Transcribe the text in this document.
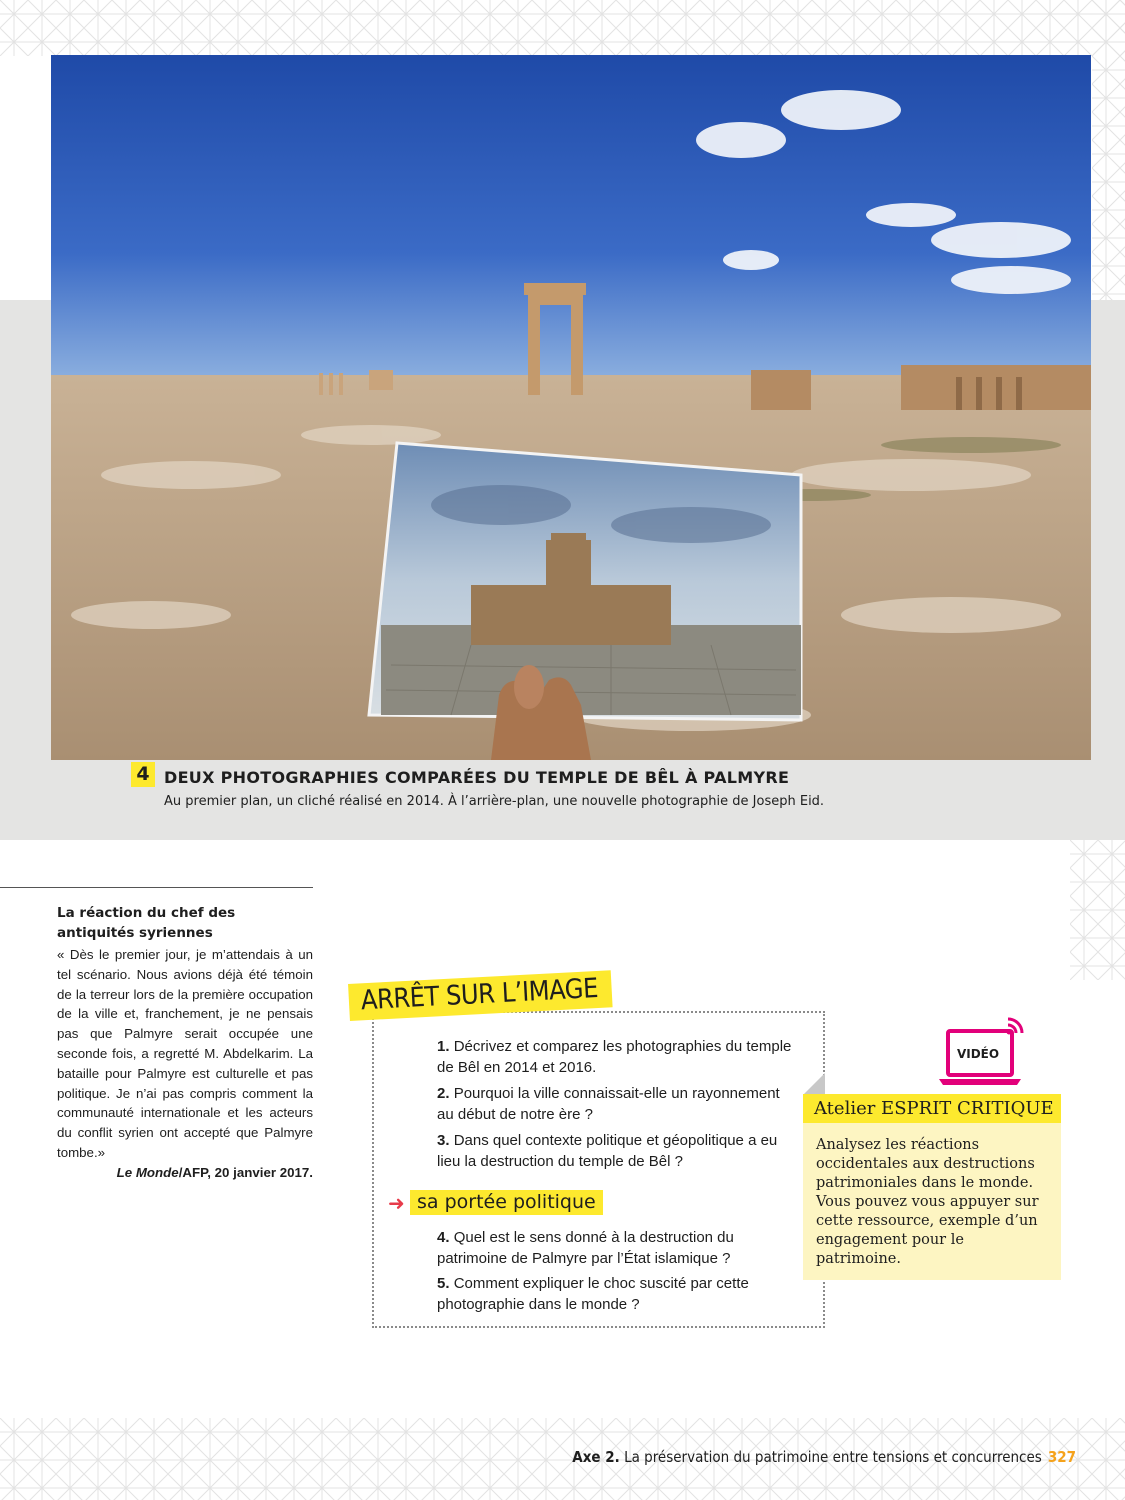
4 DEUX PHOTOGRAPHIES COMPARÉES DU TEMPLE DE BÊL À PALMYRE
Au premier plan, un cliché réalisé en 2014. À l’arrière-plan, une nouvelle photographie de Joseph Eid.
La réaction du chef des antiquités syriennes
« Dès le premier jour, je m’attendais à un tel scénario. Nous avions déjà été témoin de la terreur lors de la première occupation de la ville et, franchement, je ne pensais pas que Palmyre serait occupée une seconde fois, a regretté M. Abdelkarim. La bataille pour Palmyre est culturelle et pas politique. Je n’ai pas compris comment la communauté internationale et les acteurs du conflit syrien ont accepté que Palmyre tombe.»
Le Monde/AFP, 20 janvier 2017.
ARRÊT SUR L’IMAGE
1. Décrivez et comparez les photographies du temple de Bêl en 2014 et 2016.
2. Pourquoi la ville connaissait-elle un rayonnement au début de notre ère ?
3. Dans quel contexte politique et géopolitique a eu lieu la destruction du temple de Bêl ?
➜ sa portée politique
4. Quel est le sens donné à la destruction du patrimoine de Palmyre par l’État islamique ?
5. Comment expliquer le choc suscité par cette photographie dans le monde ?
VIDÉO
Atelier ESPRIT CRITIQUE
Analysez les réactions occidentales aux destructions patrimoniales dans le monde. Vous pouvez vous appuyer sur cette ressource, exemple d’un engagement pour le patrimoine.
Axe 2. La préservation du patrimoine entre tensions et concurrences 327
